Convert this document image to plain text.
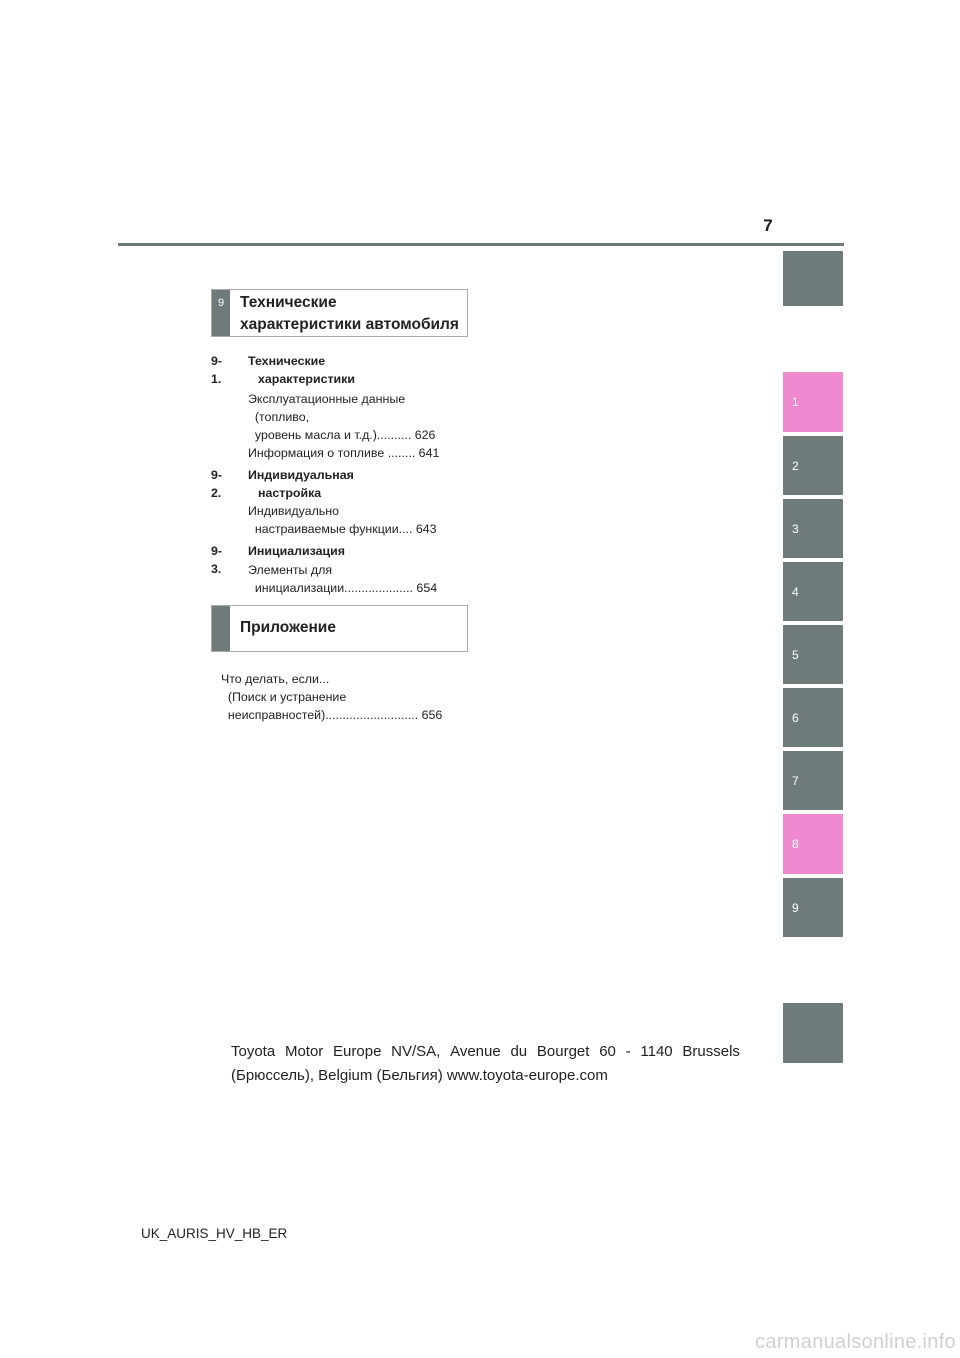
7
1
2
3
4
5
6
7
8
9
9	Технические
характеристики автомобиля
9-1.
Технические
характеристики
Эксплуатационные данные
(топливо,
уровень масла и т.д.).......... 626
Информация о топливе ........ 641
9-2.
Индивидуальная
настройка
Индивидуально
настраиваемые функции.... 643
9-3.
Инициализация
Элементы для
инициализации.................... 654
Приложение
Что делать, если...
(Поиск и устранение
неисправностей)........................... 656
Toyota Motor Europe NV/SA, Avenue du Bourget 60 - 1140 Brussels
(Брюссель), Belgium (Бельгия) www.toyota-europe.com
UK_AURIS_HV_HB_ER
carmanualsonline.info
